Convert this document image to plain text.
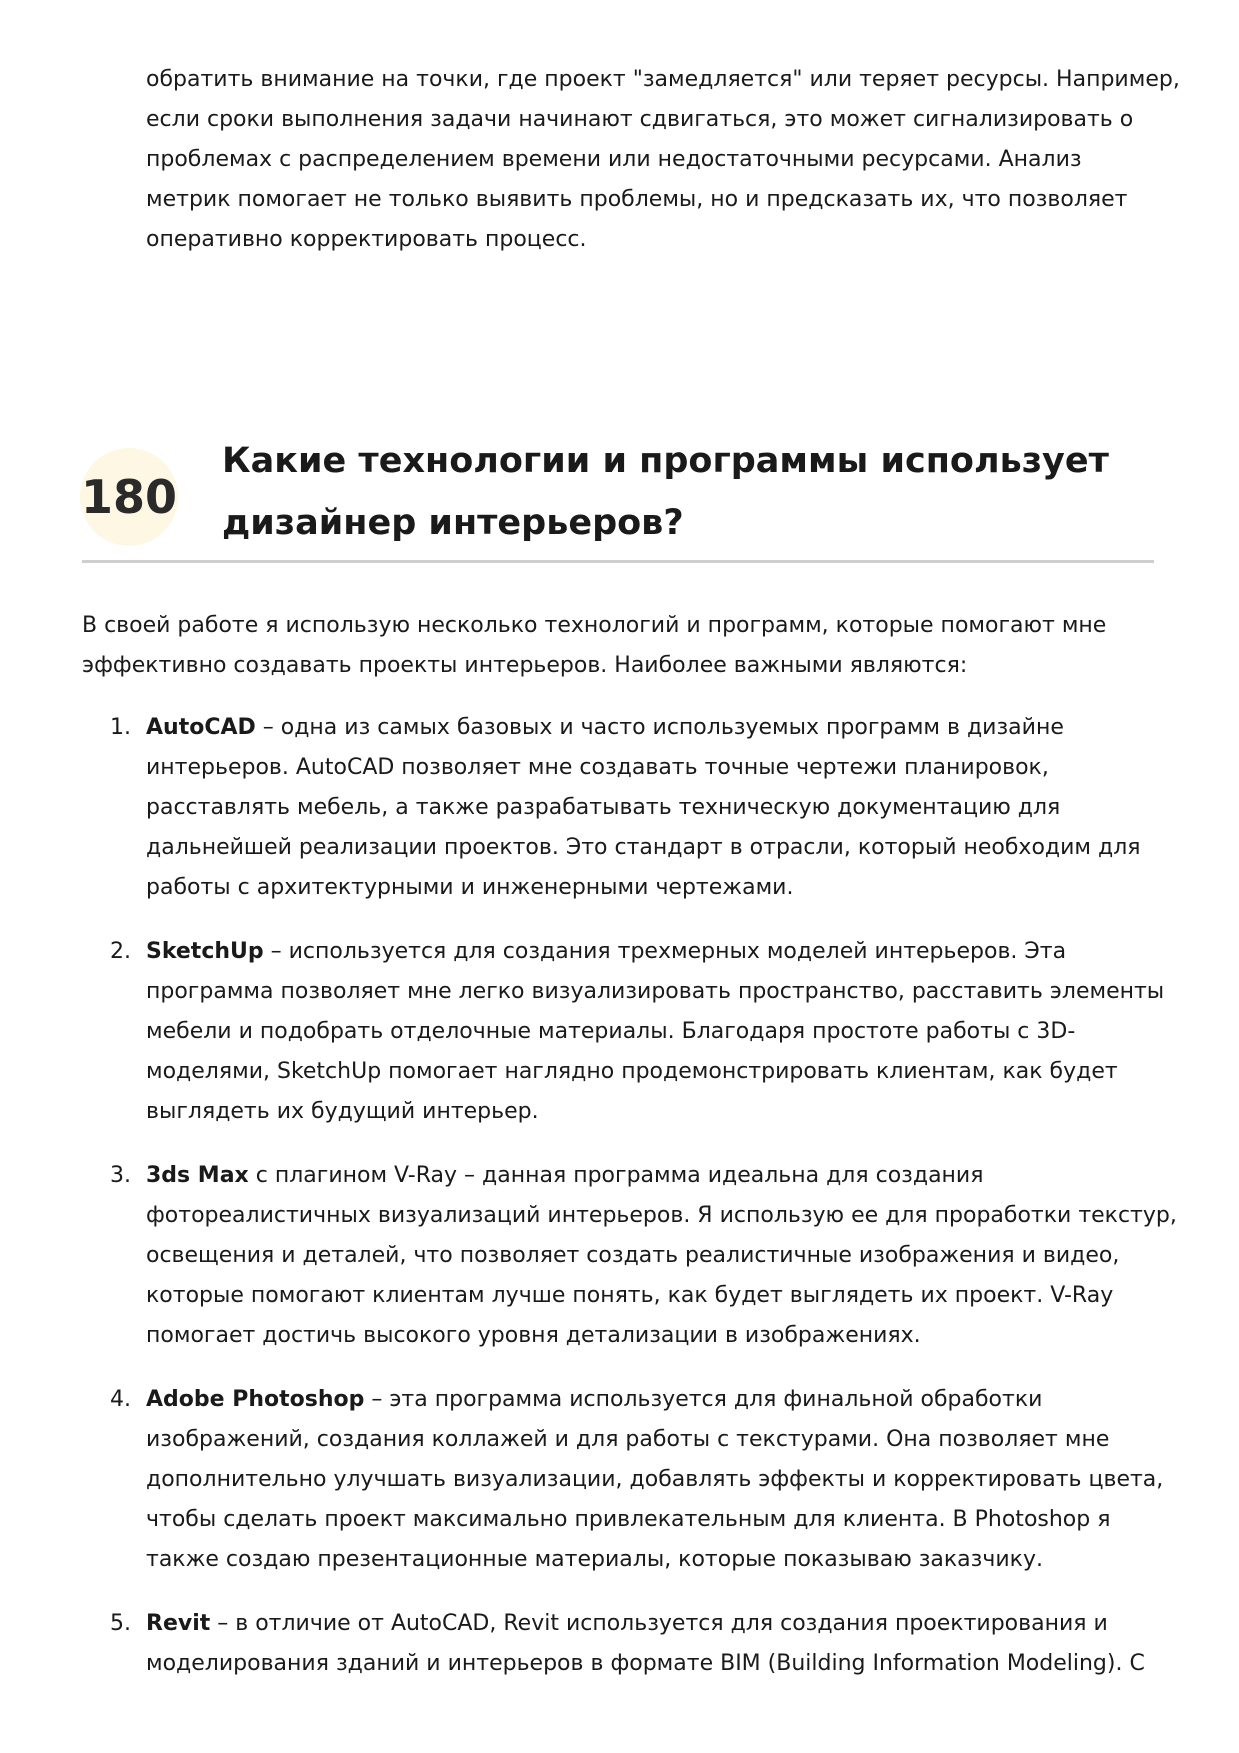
обратить внимание на точки, где проект "замедляется" или теряет ресурсы. Например,
если сроки выполнения задачи начинают сдвигаться, это может сигнализировать о
проблемах с распределением времени или недостаточными ресурсами. Анализ
метрик помогает не только выявить проблемы, но и предсказать их, что позволяет
оперативно корректировать процесс.

180
Какие технологии и программы использует
дизайнер интерьеров?

В своей работе я использую несколько технологий и программ, которые помогают мне
эффективно создавать проекты интерьеров. Наиболее важными являются:

1. AutoCAD – одна из самых базовых и часто используемых программ в дизайне
интерьеров. AutoCAD позволяет мне создавать точные чертежи планировок,
расставлять мебель, а также разрабатывать техническую документацию для
дальнейшей реализации проектов. Это стандарт в отрасли, который необходим для
работы с архитектурными и инженерными чертежами.
2. SketchUp – используется для создания трехмерных моделей интерьеров. Эта
программа позволяет мне легко визуализировать пространство, расставить элементы
мебели и подобрать отделочные материалы. Благодаря простоте работы с 3D-
моделями, SketchUp помогает наглядно продемонстрировать клиентам, как будет
выглядеть их будущий интерьер.
3. 3ds Max с плагином V-Ray – данная программа идеальна для создания
фотореалистичных визуализаций интерьеров. Я использую ее для проработки текстур,
освещения и деталей, что позволяет создать реалистичные изображения и видео,
которые помогают клиентам лучше понять, как будет выглядеть их проект. V-Ray
помогает достичь высокого уровня детализации в изображениях.
4. Adobe Photoshop – эта программа используется для финальной обработки
изображений, создания коллажей и для работы с текстурами. Она позволяет мне
дополнительно улучшать визуализации, добавлять эффекты и корректировать цвета,
чтобы сделать проект максимально привлекательным для клиента. В Photoshop я
также создаю презентационные материалы, которые показываю заказчику.
5. Revit – в отличие от AutoCAD, Revit используется для создания проектирования и
моделирования зданий и интерьеров в формате BIM (Building Information Modeling). С
